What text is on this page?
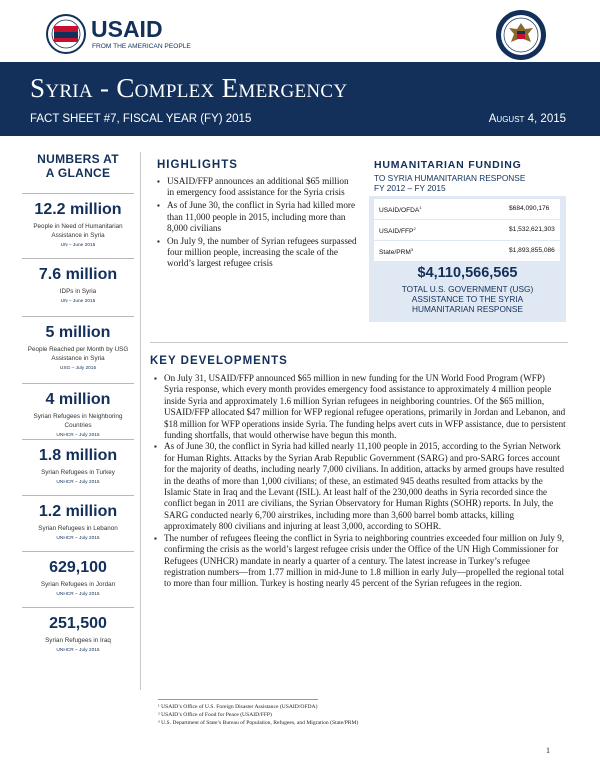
USAID
FROM THE AMERICAN PEOPLE
Syria - Complex Emergency
FACT SHEET #7, FISCAL YEAR (FY) 2015	August 4, 2015
NUMBERS AT
A GLANCE
12.2 million
People in Need of Humanitarian Assistance in Syria
UN – June 2015
7.6 million
IDPs in Syria
UN – June 2015
5 million
People Reached per Month by USG Assistance in Syria
USG – July 2015
4 million
Syrian Refugees in Neighboring Countries
UNHCR – July 2015
1.8 million
Syrian Refugees in Turkey
UNHCR – July 2015
1.2 million
Syrian Refugees in Lebanon
UNHCR – July 2015
629,100
Syrian Refugees in Jordan
UNHCR – July 2015
251,500
Syrian Refugees in Iraq
UNHCR – July 2015
HIGHLIGHTS
▪ USAID/FFP announces an additional $65 million in emergency food assistance for the Syria crisis
▪ As of June 30, the conflict in Syria had killed more than 11,000 people in 2015, including more than 8,000 civilians
▪ On July 9, the number of Syrian refugees surpassed four million people, increasing the scale of the world’s largest refugee crisis
HUMANITARIAN FUNDING
TO SYRIA HUMANITARIAN RESPONSE
FY 2012 – FY 2015
USAID/OFDA$^1$	$684,090,176
USAID/FFP$^2$	$1,532,621,303
State/PRM$^3$	$1,893,855,086
$4,110,566,565
TOTAL U.S. GOVERNMENT (USG)
ASSISTANCE TO THE SYRIA
HUMANITARIAN RESPONSE
KEY DEVELOPMENTS
▪ On July 31, USAID/FFP announced $65 million in new funding for the UN World Food Program (WFP) Syria response, which every month provides emergency food assistance to approximately 4 million people inside Syria and approximately 1.6 million Syrian refugees in neighboring countries. Of the $65 million, USAID/FFP allocated $47 million for WFP regional refugee operations, primarily in Jordan and Lebanon, and $18 million for WFP operations inside Syria. The funding helps avert cuts in WFP assistance, due to persistent funding shortfalls, that would otherwise have begun this month.
▪ As of June 30, the conflict in Syria had killed nearly 11,100 people in 2015, according to the Syrian Network for Human Rights. Attacks by the Syrian Arab Republic Government (SARG) and pro-SARG forces account for the majority of deaths, including nearly 7,000 civilians. In addition, attacks by armed groups have resulted in the deaths of more than 1,000 civilians; of these, an estimated 945 deaths resulted from attacks by the Islamic State in Iraq and the Levant (ISIL). At least half of the 230,000 deaths in Syria recorded since the conflict began in 2011 are civilians, the Syrian Observatory for Human Rights (SOHR) reports. In July, the SARG conducted nearly 6,700 airstrikes, including more than 3,600 barrel bomb attacks, killing approximately 800 civilians and injuring at least 3,000, according to SOHR.
▪ The number of refugees fleeing the conflict in Syria to neighboring countries exceeded four million on July 9, confirming the crisis as the world’s largest refugee crisis under the Office of the UN High Commissioner for Refugees (UNHCR) mandate in nearly a quarter of a century. The latest increase in Turkey’s refugee registration numbers—from 1.77 million in mid-June to 1.8 million in early July—propelled the regional total to more than four million. Turkey is hosting nearly 45 percent of the Syrian refugees in the region.
¹ USAID’s Office of U.S. Foreign Disaster Assistance (USAID/OFDA)
² USAID’s Office of Food for Peace (USAID/FFP)
³ U.S. Department of State’s Bureau of Population, Refugees, and Migration (State/PRM)
1
